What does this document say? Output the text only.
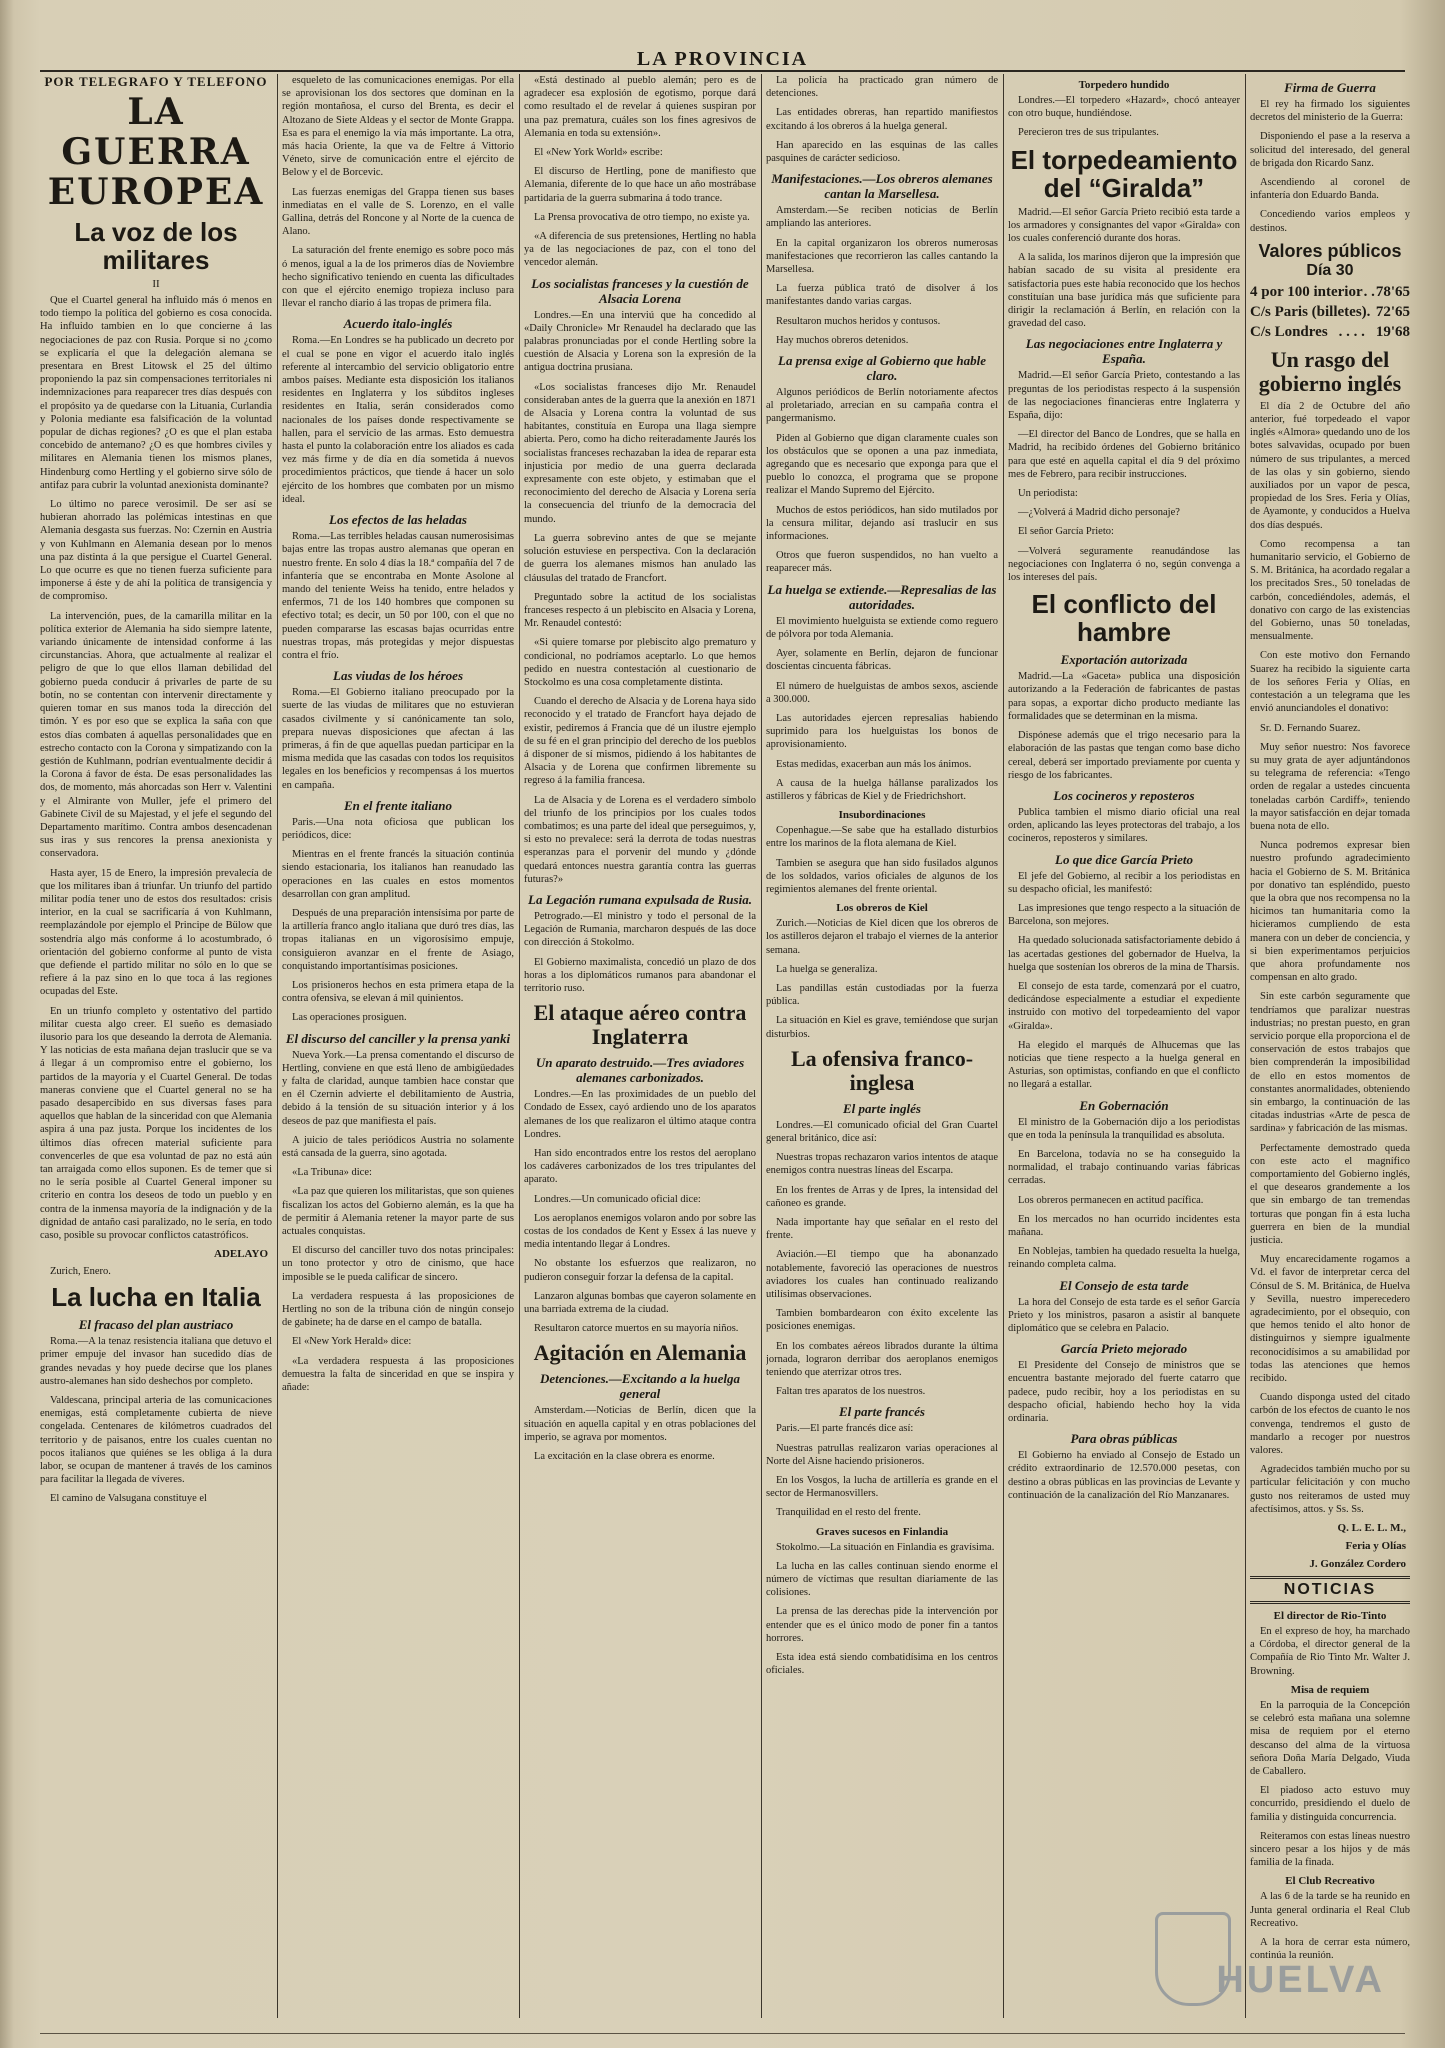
LA PROVINCIA
POR TELEGRAFO Y TELEFONO
LA GUERRA EUROPEA
La voz de los militares
II

Que el Cuartel general ha influido más ó menos en todo tiempo la política del gobierno es cosa conocida. Ha influido tambien en lo que concierne á las negociaciones de paz con Rusia. Porque si no ¿como se explicaría el que la delegación alemana se presentara en Brest Litowsk el 25 del último proponiendo la paz sin compensaciones territoriales ni indemnizaciones para reaparecer tres días después con el propósito ya de quedarse con la Lituania, Curlandia y Polonia mediante esa falsificación de la voluntad popular de dichas regiones? ¿O es que el plan estaba concebido de antemano? ¿O es que hombres civiles y militares en Alemania tienen los mismos planes, Hindenburg como Hertling y el gobierno sirve sólo de antifaz para cubrir la voluntad anexionista dominante?

Lo último no parece verosimil. De ser así se hubieran ahorrado las polémicas intestinas en que Alemania desgasta sus fuerzas. No: Czernin en Austria y von Kuhlmann en Alemania desean por lo menos una paz distinta á la que persigue el Cuartel General. Lo que ocurre es que no tienen fuerza suficiente para imponerse á éste y de ahí la política de transigencia y de compromiso.

La intervención, pues, de la camarilla militar en la política exterior de Alemania ha sido siempre latente, variando únicamente de intensidad conforme á las circunstancias. Ahora, que actualmente al realizar el peligro de que lo que ellos llaman debilidad del gobierno pueda conducir á privarles de parte de su botín, no se contentan con intervenir directamente y quieren tomar en sus manos toda la dirección del timón. Y es por eso que se explica la saña con que estos días combaten á aquellas personalidades que en estrecho contacto con la Corona y simpatizando con la gestión de Kuhlmann, podrían eventualmente decidir á la Corona á favor de ésta. De esas personalidades las dos, de momento, más ahorcadas son Herr v. Valentini y el Almirante von Muller, jefe el primero del Gabinete Civil de su Majestad, y el jefe el segundo del Departamento marítimo. Contra ambos desencadenan sus iras y sus rencores la prensa anexionista y conservadora.

Hasta ayer, 15 de Enero, la impresión prevalecía de que los militares iban á triunfar. Un triunfo del partido militar podía tener uno de estos dos resultados: crisis interior, en la cual se sacrificaría á von Kuhlmann, reemplazándole por ejemplo el Principe de Bülow que sostendría algo más conforme á lo acostumbrado, ó orientación del gobierno conforme al punto de vista que defiende el partido militar no sólo en lo que se refiere á la paz sino en lo que toca á las regiones ocupadas del Este.

En un triunfo completo y ostentativo del partido militar cuesta algo creer. El sueño es demasiado ilusorio para los que deseando la derrota de Alemania. Y las noticias de esta mañana dejan traslucir que se va á llegar á un compromiso entre el gobierno, los partidos de la mayoría y el Cuartel General. De todas maneras conviene que el Cuartel general no se ha pasado desapercibido en sus diversas fases para aquellos que hablan de la sinceridad con que Alemania aspira á una paz justa. Porque los incidentes de los últimos días ofrecen material suficiente para convencerles de que esa voluntad de paz no está aún tan arraigada como ellos suponen. Es de temer que si no le sería posible al Cuartel General imponer su criterio en contra los deseos de todo un pueblo y en contra de la inmensa mayoría de la indignación y de la dignidad de antaño casi paralizado, no le sería, en todo caso, posible su provocar conflictos catastróficos.

ADELAYO
Zurich, Enero.
La lucha en Italia
El fracaso del plan austriaco

Roma.—A la tenaz resistencia italiana que detuvo el primer empuje del invasor han sucedido días de grandes nevadas y hoy puede decirse que los planes austro-alemanes han sido deshechos por completo.

Valdescana, principal arteria de las comunicaciones enemigas, está completamente cubierta de nieve congelada. Centenares de kilómetros cuadrados del territorio y de paisanos, entre los cuales cuentan no pocos italianos que quiénes se les obliga á la dura labor, se ocupan de mantener á través de los caminos para facilitar la llegada de víveres.

El camino de Valsugana constituye el

esqueleto de las comunicaciones enemigas. Por ella se aprovisionan los dos sectores que dominan en la región montañosa, el curso del Brenta, es decir el Altozano de Siete Aldeas y el sector de Monte Grappa. Esa es para el enemigo la vía más importante. La otra, más hacia Oriente, la que va de Feltre á Vittorio Véneto, sirve de comunicación entre el ejército de Below y el de Borcevic.

Las fuerzas enemigas del Grappa tienen sus bases inmediatas en el valle de S. Lorenzo, en el valle Gallina, detrás del Roncone y al Norte de la cuenca de Alano.

La saturación del frente enemigo es sobre poco más ó menos, igual a la de los primeros días de Noviembre hecho significativo teniendo en cuenta las dificultades con que el ejército enemigo tropieza incluso para llevar el rancho diario á las tropas de primera fila.

Acuerdo italo-inglés

Roma.—En Londres se ha publicado un decreto por el cual se pone en vigor el acuerdo italo inglés referente al intercambio del servicio obligatorio entre ambos países. Mediante esta disposición los italianos residentes en Inglaterra y los súbditos ingleses residentes en Italia, serán considerados como nacionales de los países donde respectivamente se hallen, para el servicio de las armas. Esto demuestra hasta el punto la colaboración entre los aliados es cada vez más firme y de día en día sometida á nuevos procedimientos prácticos, que tiende á hacer un solo ejército de los hombres que combaten por un mismo ideal.

Los efectos de las heladas

Roma.—Las terribles heladas causan numerosisimas bajas entre las tropas austro alemanas que operan en nuestro frente. En solo 4 días la 18.ª compañía del 7 de infantería que se encontraba en Monte Asolone al mando del teniente Weiss ha tenido, entre helados y enfermos, 71 de los 140 hombres que componen su efectivo total; es decir, un 50 por 100, con el que no pueden compararse las escasas bajas ocurridas entre nuestras tropas, más protegidas y mejor dispuestas contra el frío.

Las viudas de los héroes

Roma.—El Gobierno italiano preocupado por la suerte de las viudas de militares que no estuvieran casados civilmente y sí canónicamente tan solo, prepara nuevas disposiciones que afectan á las primeras, á fin de que aquellas puedan participar en la misma medida que las casadas con todos los requisitos legales en los beneficios y recompensas á los muertos en campaña.

En el frente italiano

Paris.—Una nota oficiosa que publican los periódicos, dice:

Mientras en el frente francés la situación continúa siendo estacionaria, los italianos han reanudado las operaciones en las cuales en estos momentos desarrollan con gran amplitud.

Después de una preparación intensísima por parte de la artillería franco anglo italiana que duró tres días, las tropas italianas en un vigorosísimo empuje, consiguieron avanzar en el frente de Asiago, conquistando importantísimas posiciones.

Los prisioneros hechos en esta primera etapa de la contra ofensiva, se elevan á mil quinientos.

Las operaciones prosiguen.

El discurso del canciller y la prensa yanki

Nueva York.—La prensa comentando el discurso de Hertling, conviene en que está lleno de ambigüedades y falta de claridad, aunque tambien hace constar que en él Czernin advierte el debilitamiento de Austria, debido á la tensión de su situación interior y á los deseos de paz que manifiesta el país.

A juicio de tales periódicos Austria no solamente está cansada de la guerra, sino agotada.

«La Tribuna» dice:

«La paz que quieren los militaristas, que son quienes fiscalizan los actos del Gobierno alemán, es la que ha de permitir á Alemania retener la mayor parte de sus actuales conquistas.

El discurso del canciller tuvo dos notas principales: un tono protector y otro de cinismo, que hace imposible se le pueda calificar de sincero.

La verdadera respuesta á las proposiciones de Hertling no son de la tribuna ción de ningún consejo de gabinete; ha de darse en el campo de batalla.

El «New York Herald» dice:

«La verdadera respuesta á las proposiciones demuestra la falta de sinceridad en que se inspira y añade:

«Está destinado al pueblo alemán; pero es de agradecer esa explosión de egotismo, porque dará como resultado el de revelar á quienes suspiran por una paz prematura, cuáles son los fines agresivos de Alemania en toda su extensión».

El «New York World» escribe:

El discurso de Hertling, pone de manifiesto que Alemania, diferente de lo que hace un año mostrábase partidaria de la guerra submarina á todo trance.

La Prensa provocativa de otro tiempo, no existe ya.

«A diferencia de sus pretensiones, Hertling no habla ya de las negociaciones de paz, con el tono del vencedor alemán.

Los socialistas franceses y la cuestión de Alsacia Lorena

Londres.—En una interviú que ha concedido al «Daily Chronicle» Mr Renaudel ha declarado que las palabras pronunciadas por el conde Hertling sobre la cuestión de Alsacia y Lorena son la expresión de la antigua doctrina prusiana.

«Los socialistas franceses dijo Mr. Renaudel consideraban antes de la guerra que la anexión en 1871 de Alsacia y Lorena contra la voluntad de sus habitantes, constituía en Europa una llaga siempre abierta. Pero, como ha dicho reiteradamente Jaurés los socialistas franceses rechazaban la idea de reparar esta injusticia por medio de una guerra declarada expresamente con este objeto, y estimaban que el reconocimiento del derecho de Alsacia y Lorena sería la consecuencia del triunfo de la democracia del mundo.

La guerra sobrevino antes de que se mejante solución estuviese en perspectiva. Con la declaración de guerra los alemanes mismos han anulado las cláusulas del tratado de Francfort.

Preguntado sobre la actitud de los socialistas franceses respecto á un plebiscito en Alsacia y Lorena, Mr. Renaudel contestó:

«Si quiere tomarse por plebiscito algo prematuro y condicional, no podríamos aceptarlo. Lo que hemos pedido en nuestra contestación al cuestionario de Stockolmo es una cosa completamente distinta.

Cuando el derecho de Alsacia y de Lorena haya sido reconocido y el tratado de Francfort haya dejado de existir, pediremos á Francia que dé un ilustre ejemplo de su fé en el gran principio del derecho de los pueblos á disponer de sí mismos, pidiendo á los habitantes de Alsacia y de Lorena que confirmen libremente su regreso á la familia francesa.

La de Alsacia y de Lorena es el verdadero símbolo del triunfo de los principios por los cuales todos combatimos; es una parte del ideal que perseguimos, y, si esto no prevalece: será la derrota de todas nuestras esperanzas para el porvenir del mundo y ¿dónde quedará entonces nuestra garantía contra las guerras futuras?»

La Legación rumana expulsada de Rusia.

Petrogrado.—El ministro y todo el personal de la Legación de Rumania, marcharon después de las doce con dirección á Stokolmo.

El Gobierno maximalista, concedió un plazo de dos horas a los diplomáticos rumanos para abandonar el territorio ruso.

El ataque aéreo contra Inglaterra
Un aparato destruido.—Tres aviadores alemanes carbonizados.

Londres.—En las proximidades de un pueblo del Condado de Essex, cayó ardiendo uno de los aparatos alemanes de los que realizaron el último ataque contra Londres.

Han sido encontrados entre los restos del aeroplano los cadáveres carbonizados de los tres tripulantes del aparato.

Londres.—Un comunicado oficial dice:

Los aeroplanos enemigos volaron ando por sobre las costas de los condados de Kent y Essex á las nueve y media intentando llegar á Londres.

No obstante los esfuerzos que realizaron, no pudieron conseguir forzar la defensa de la capital.

Lanzaron algunas bombas que cayeron solamente en una barriada extrema de la ciudad.

Resultaron catorce muertos en su mayoría niños.

Agitación en Alemania
Detenciones.—Excitando a la huelga general

Amsterdam.—Noticias de Berlín, dicen que la situación en aquella capital y en otras poblaciones del imperio, se agrava por momentos.

La excitación en la clase obrera es enorme.

La policía ha practicado gran número de detenciones.

Las entidades obreras, han repartido manifiestos excitando á los obreros á la huelga general.

Han aparecido en las esquinas de las calles pasquines de carácter sedicioso.

Manifestaciones.—Los obreros alemanes cantan la Marsellesa.

Amsterdam.—Se reciben noticias de Berlín ampliando las anteriores.

En la capital organizaron los obreros numerosas manifestaciones que recorrieron las calles cantando la Marsellesa.

La fuerza pública trató de disolver á los manifestantes dando varias cargas.

Resultaron muchos heridos y contusos.

Hay muchos obreros detenidos.

La prensa exige al Gobierno que hable claro.

Algunos periódicos de Berlín notoriamente afectos al proletariado, arrecian en su campaña contra el pangermanismo.

Piden al Gobierno que digan claramente cuales son los obstáculos que se oponen a una paz inmediata, agregando que es necesario que exponga para que el pueblo lo conozca, el programa que se propone realizar el Mando Supremo del Ejército.

Muchos de estos periódicos, han sido mutilados por la censura militar, dejando así traslucir en sus informaciones.

Otros que fueron suspendidos, no han vuelto a reaparecer más.

La huelga se extiende.—Represalias de las autoridades.

El movimiento huelguista se extiende como reguero de pólvora por toda Alemania.

Ayer, solamente en Berlín, dejaron de funcionar doscientas cincuenta fábricas.

El número de huelguistas de ambos sexos, asciende a 300.000.

Las autoridades ejercen represalias habiendo suprimido para los huelguistas los bonos de aprovisionamiento.

Estas medidas, exacerban aun más los ánimos.

A causa de la huelga hállanse paralizados los astilleros y fábricas de Kiel y de Friedrichshort.

Insubordinaciones

Copenhague.—Se sabe que ha estallado disturbios entre los marinos de la flota alemana de Kiel.

Tambien se asegura que han sido fusilados algunos de los soldados, varios oficiales de algunos de los regimientos alemanes del frente oriental.

Los obreros de Kiel

Zurich.—Noticias de Kiel dicen que los obreros de los astilleros dejaron el trabajo el viernes de la anterior semana.

La huelga se generaliza.

Las pandillas están custodiadas por la fuerza pública.

La situación en Kiel es grave, temiéndose que surjan disturbios.

La ofensiva franco-inglesa
El parte inglés

Londres.—El comunicado oficial del Gran Cuartel general británico, dice así:

Nuestras tropas rechazaron varios intentos de ataque enemigos contra nuestras líneas del Escarpa.

En los frentes de Arras y de Ipres, la intensidad del cañoneo es grande.

Nada importante hay que señalar en el resto del frente.

Aviación.—El tiempo que ha abonanzado notablemente, favoreció las operaciones de nuestros aviadores los cuales han continuado realizando utilísimas observaciones.

Tambien bombardearon con éxito excelente las posiciones enemigas.

En los combates aéreos librados durante la última jornada, lograron derribar dos aeroplanos enemigos teniendo que aterrizar otros tres.

Faltan tres aparatos de los nuestros.

El parte francés

Paris.—El parte francés dice así:

Nuestras patrullas realizaron varias operaciones al Norte del Aisne haciendo prisioneros.

En los Vosgos, la lucha de artillería es grande en el sector de Hermanosvillers.

Tranquilidad en el resto del frente.

Graves sucesos en Finlandia

Stokolmo.—La situación en Finlandia es gravísima.

La lucha en las calles continuan siendo enorme el número de víctimas que resultan diariamente de las colisiones.

La prensa de las derechas pide la intervención por entender que es el único modo de poner fin a tantos horrores.

Esta idea está siendo combatidísima en los centros oficiales.

Torpedero hundido

Londres.—El torpedero «Hazard», chocó anteayer con otro buque, hundiéndose.

Perecieron tres de sus tripulantes.

El torpedeamiento del “Giralda”

Madrid.—El señor García Prieto recibió esta tarde a los armadores y consignantes del vapor «Giralda» con los cuales conferenció durante dos horas.

A la salida, los marinos dijeron que la impresión que habían sacado de su visita al presidente era satisfactoria pues este había reconocido que los hechos constituían una base jurídica más que suficiente para dirigir la reclamación á Berlín, en relación con la gravedad del caso.

Las negociaciones entre Inglaterra y España.

Madrid.—El señor García Prieto, contestando a las preguntas de los periodistas respecto á la suspensión de las negociaciones financieras entre Inglaterra y España, dijo:

—El director del Banco de Londres, que se halla en Madrid, ha recibido órdenes del Gobierno británico para que esté en aquella capital el día 9 del próximo mes de Febrero, para recibir instrucciones.

Un periodista:

—¿Volverá á Madrid dicho personaje?

El señor García Prieto:

—Volverá seguramente reanudándose las negociaciones con Inglaterra ó no, según convenga a los intereses del país.

El conflicto del hambre
Exportación autorizada

Madrid.—La «Gaceta» publica una disposición autorizando a la Federación de fabricantes de pastas para sopas, a exportar dicho producto mediante las formalidades que se determinan en la misma.

Dispónese además que el trigo necesario para la elaboración de las pastas que tengan como base dicho cereal, deberá ser importado previamente por cuenta y riesgo de los fabricantes.

Los cocineros y reposteros

Publica tambien el mismo diario oficial una real orden, aplicando las leyes protectoras del trabajo, a los cocineros, reposteros y similares.

Lo que dice García Prieto

El jefe del Gobierno, al recibir a los periodistas en su despacho oficial, les manifestó:

Las impresiones que tengo respecto a la situación de Barcelona, son mejores.

Ha quedado solucionada satisfactoriamente debido á las acertadas gestiones del gobernador de Huelva, la huelga que sostenían los obreros de la mina de Tharsis.

El consejo de esta tarde, comenzará por el cuatro, dedicándose especialmente a estudiar el expediente instruido con motivo del torpedeamiento del vapor «Giralda».

Ha elegido el marqués de Alhucemas que las noticias que tiene respecto a la huelga general en Asturias, son optimistas, confiando en que el conflicto no llegará a estallar.

En Gobernación

El ministro de la Gobernación dijo a los periodistas que en toda la península la tranquilidad es absoluta.

En Barcelona, todavía no se ha conseguido la normalidad, el trabajo continuando varias fábricas cerradas.

Los obreros permanecen en actitud pacífica.

En los mercados no han ocurrido incidentes esta mañana.

En Noblejas, tambien ha quedado resuelta la huelga, reinando completa calma.

El Consejo de esta tarde

La hora del Consejo de esta tarde es el señor García Prieto y los ministros, pasaron a asistir al banquete diplomático que se celebra en Palacio.

García Prieto mejorado

El Presidente del Consejo de ministros que se encuentra bastante mejorado del fuerte catarro que padece, pudo recibir, hoy a los periodistas en su despacho oficial, habiendo hecho hoy la vida ordinaria.

Para obras públicas

El Gobierno ha enviado al Consejo de Estado un crédito extraordinario de 12.570.000 pesetas, con destino a obras públicas en las provincias de Levante y continuación de la canalización del Río Manzanares.

Firma de Guerra

El rey ha firmado los siguientes decretos del ministerio de la Guerra:

Disponiendo el pase a la reserva a solicitud del interesado, del general de brigada don Ricardo Sanz.

Ascendiendo al coronel de infantería don Eduardo Banda.

Concediendo varios empleos y destinos.

Valores públicos
Día 30
4 por 100 interior . . 78'65
C/s Paris (billetes). 72'65
C/s Londres . . . . 19'68
Un rasgo del gobierno inglés

El día 2 de Octubre del año anterior, fué torpedeado el vapor inglés «Almora» quedando uno de los botes salvavidas, ocupado por buen número de sus tripulantes, a merced de las olas y sin gobierno, siendo auxiliados por un vapor de pesca, propiedad de los Sres. Feria y Olías, de Ayamonte, y conducidos a Huelva dos días después.

Como recompensa a tan humanitario servicio, el Gobierno de S. M. Británica, ha acordado regalar a los precitados Sres., 50 toneladas de carbón, concediéndoles, además, el donativo con cargo de las existencias del Gobierno, unas 50 toneladas, mensualmente.

Con este motivo don Fernando Suarez ha recibido la siguiente carta de los señores Feria y Olías, en contestación a un telegrama que les envió anunciandoles el donativo:

Sr. D. Fernando Suarez.

Muy señor nuestro: Nos favorece su muy grata de ayer adjuntándonos su telegrama de referencia: «Tengo orden de regalar a ustedes cincuenta toneladas carbón Cardiff», teniendo la mayor satisfacción en dejar tomada buena nota de ello.

Nunca podremos expresar bien nuestro profundo agradecimiento hacia el Gobierno de S. M. Británica por donativo tan espléndido, puesto que la obra que nos recompensa no la hicimos tan humanitaria como la hicieramos cumpliendo de esta manera con un deber de conciencia, y si bien experimentamos perjuicios que ahora profundamente nos compensan en alto grado.

Sin este carbón seguramente que tendríamos que paralizar nuestras industrias; no prestan puesto, en gran servicio porque ella proporciona el de conservación de estos trabajos que bien comprenderán la imposibilidad de ello en estos momentos de constantes anormalidades, obteniendo sin embargo, la continuación de las citadas industrias «Arte de pesca de sardina» y fabricación de las mismas.

Perfectamente demostrado queda con este acto el magnífico comportamiento del Gobierno inglés, el que desearos grandemente a los que sin embargo de tan tremendas torturas que pongan fin á esta lucha guerrera en bien de la mundial justicia.

Muy encarecidamente rogamos a Vd. el favor de interpretar cerca del Cónsul de S. M. Británica, de Huelva y Sevilla, nuestro imperecedero agradecimiento, por el obsequio, con que hemos tenido el alto honor de distinguirnos y siempre igualmente reconocidísimos a su amabilidad por todas las atenciones que hemos recibido.

Cuando disponga usted del citado carbón de los efectos de cuanto le nos convenga, tendremos el gusto de mandarlo a recoger por nuestros valores.

Agradecidos también mucho por su particular felicitación y con mucho gusto nos reiteramos de usted muy afectísimos, attos. y Ss. Ss.

Q. L. E. L. M.,
Feria y Olías
J. González Cordero
NOTICIAS
El director de Rio-Tinto

En el expreso de hoy, ha marchado a Córdoba, el director general de la Compañía de Rio Tinto Mr. Walter J. Browning.

Misa de requiem

En la parroquia de la Concepción se celebró esta mañana una solemne misa de requiem por el eterno descanso del alma de la virtuosa señora Doña María Delgado, Viuda de Caballero.

El piadoso acto estuvo muy concurrido, presidiendo el duelo de familia y distinguida concurrencia.

Reiteramos con estas líneas nuestro sincero pesar a los hijos y de más familia de la finada.

El Club Recreativo

A las 6 de la tarde se ha reunido en Junta general ordinaria el Real Club Recreativo.

A la hora de cerrar esta número, continúa la reunión.

HUELVA
